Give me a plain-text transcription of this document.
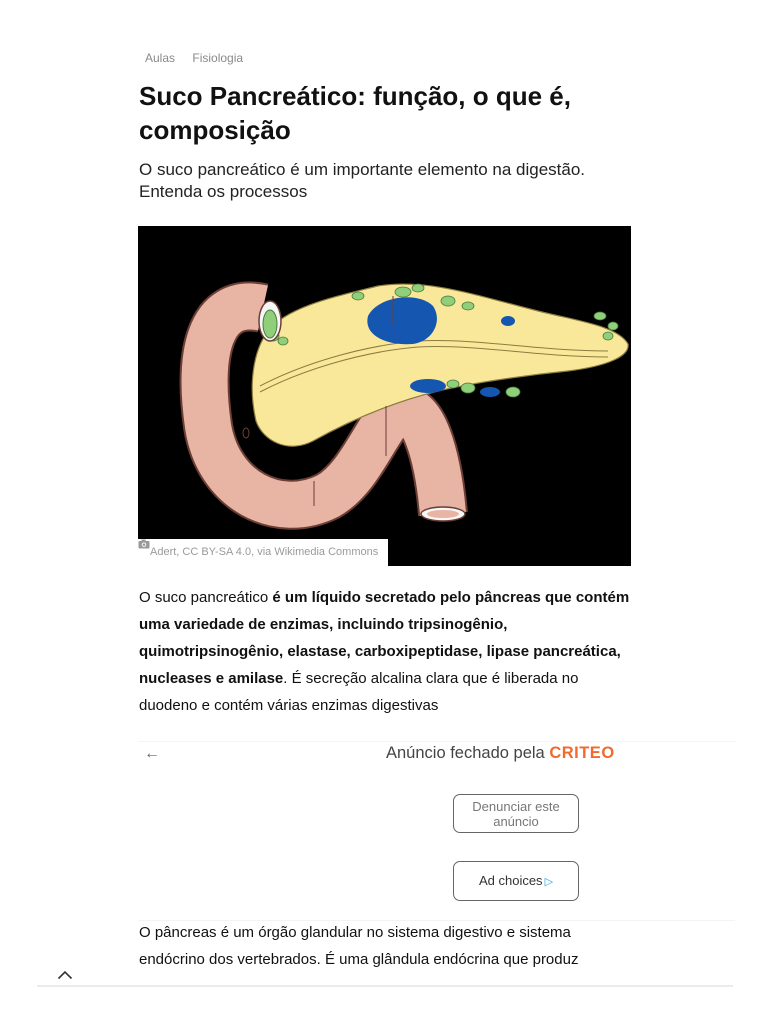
Aulas Fisiologia
Suco Pancreático: função, o que é, composição

O suco pancreático é um importante elemento na digestão. Entenda os processos

Adert, CC BY-SA 4.0, via Wikimedia Commons

O suco pancreático é um líquido secretado pelo pâncreas que contém uma variedade de enzimas, incluindo tripsinogênio, quimotripsinogênio, elastase, carboxipeptidase, lipase pancreática, nucleases e amilase. É secreção alcalina clara que é liberada no duodeno e contém várias enzimas digestivas

←	Anúncio fechado pela CRITEO
Denunciar este anúncio
Ad choices ▷

O pâncreas é um órgão glandular no sistema digestivo e sistema endócrino dos vertebrados. É uma glândula endócrina que produz
